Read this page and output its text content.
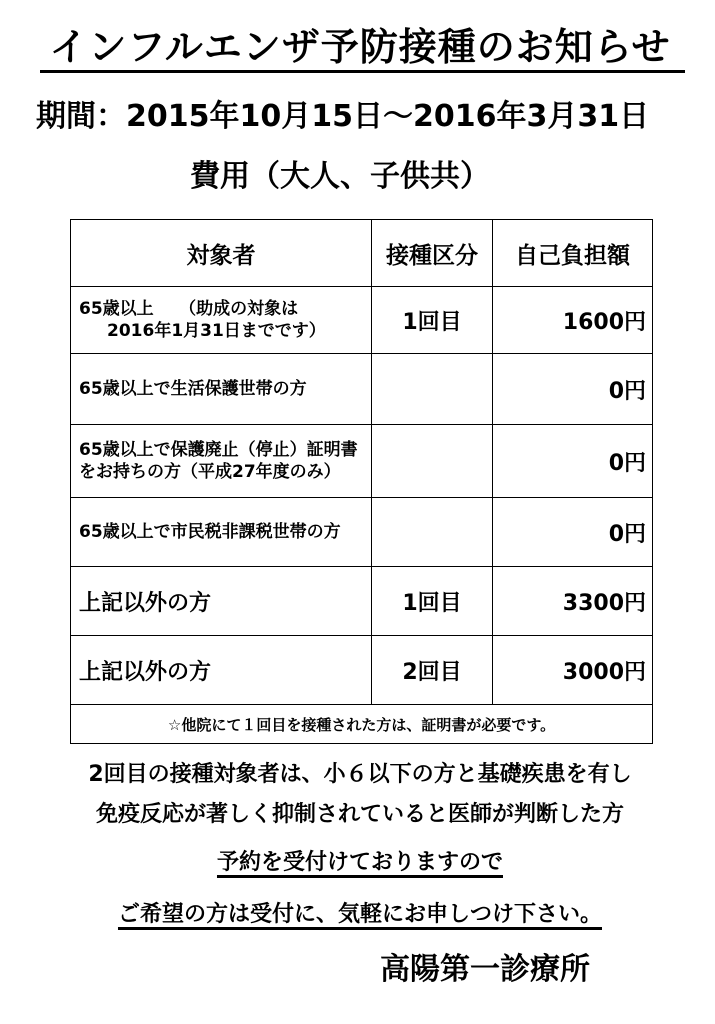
インフルエンザ予防接種のお知らせ
期間：2015年10月15日～2016年3月31日
費用（大人、子供共）
対象者	接種区分	自己負担額

65歳以上　　（助成の対象は
2016年1月31日までです）	1回目	1600円
65歳以上で生活保護世帯の方		0円
65歳以上で保護廃止（停止）証明書をお持ちの方（平成27年度のみ）		0円
65歳以上で市民税非課税世帯の方		0円
上記以外の方	1回目	3300円
上記以外の方	2回目	3000円
☆他院にて１回目を接種された方は、証明書が必要です。		
2回目の接種対象者は、小６以下の方と基礎疾患を有し
免疫反応が著しく抑制されていると医師が判断した方
予約を受付けておりますので
ご希望の方は受付に、気軽にお申しつけ下さい。
高陽第一診療所
